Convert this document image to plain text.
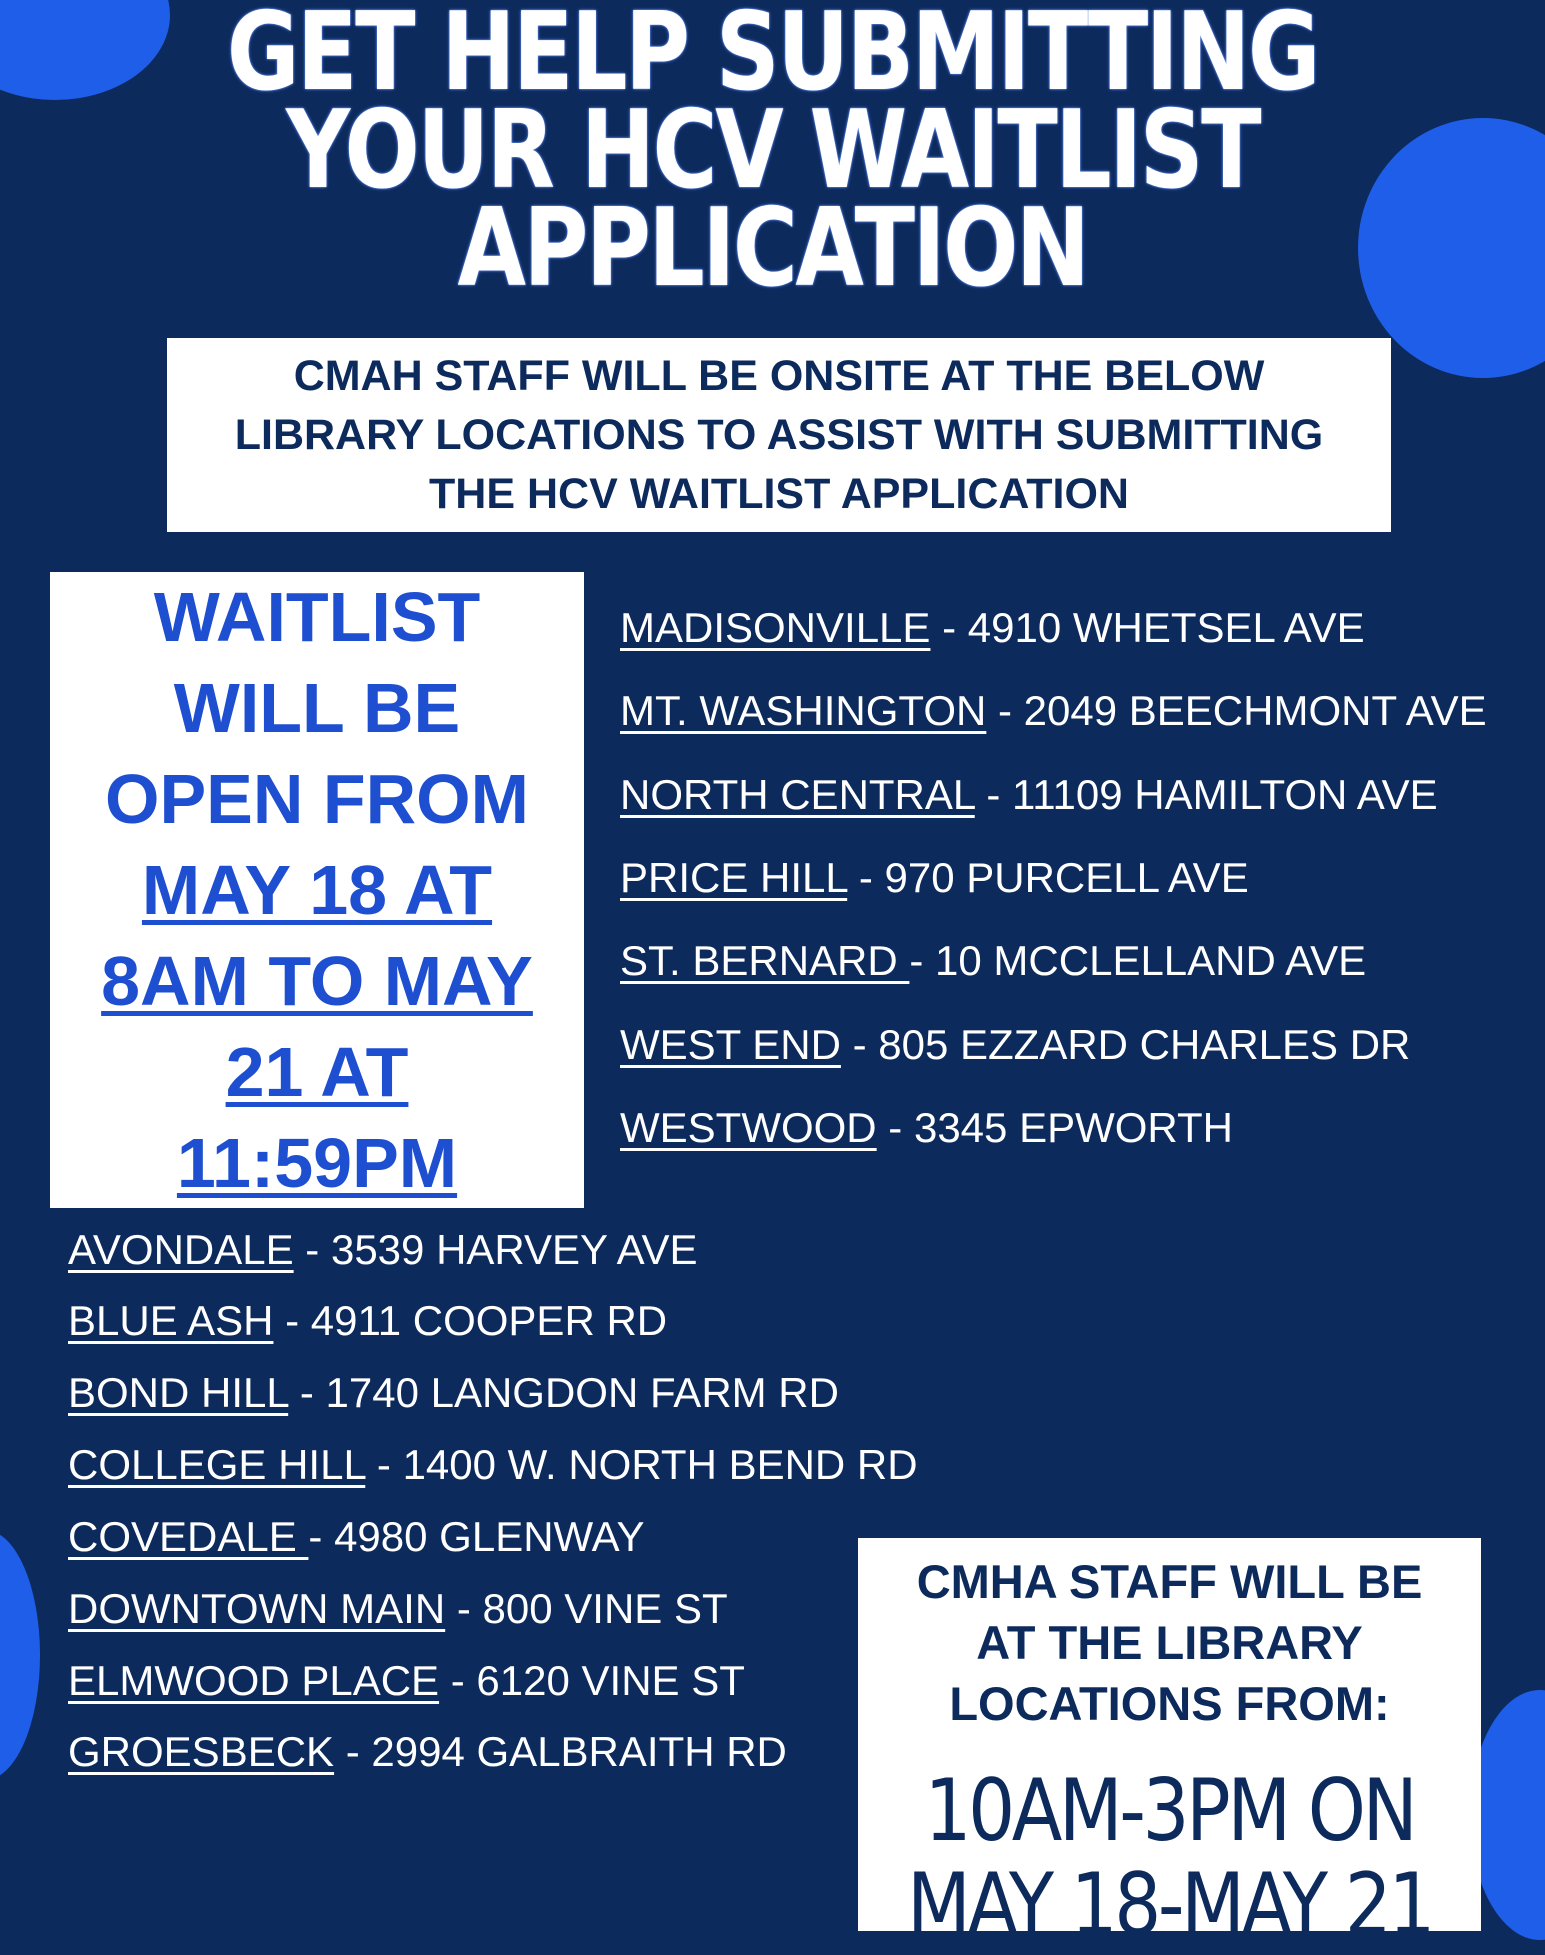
GET HELP SUBMITTING
YOUR HCV WAITLIST
APPLICATION
CMAH STAFF WILL BE ONSITE AT THE BELOW
LIBRARY LOCATIONS TO ASSIST WITH SUBMITTING
THE HCV WAITLIST APPLICATION
WAITLIST
WILL BE
OPEN FROM
MAY 18 AT
8AM TO MAY
21 AT
11:59PM
MADISONVILLE - 4910 WHETSEL AVE
MT. WASHINGTON - 2049 BEECHMONT AVE
NORTH CENTRAL - 11109 HAMILTON AVE
PRICE HILL - 970 PURCELL AVE
ST. BERNARD - 10 MCCLELLAND AVE
WEST END - 805 EZZARD CHARLES DR
WESTWOOD - 3345 EPWORTH
AVONDALE - 3539 HARVEY AVE
BLUE ASH - 4911 COOPER RD
BOND HILL - 1740 LANGDON FARM RD
COLLEGE HILL - 1400 W. NORTH BEND RD
COVEDALE - 4980 GLENWAY
DOWNTOWN MAIN - 800 VINE ST
ELMWOOD PLACE - 6120 VINE ST
GROESBECK - 2994 GALBRAITH RD
CMHA STAFF WILL BE
AT THE LIBRARY
LOCATIONS FROM:
10AM-3PM ON
MAY 18-MAY 21
